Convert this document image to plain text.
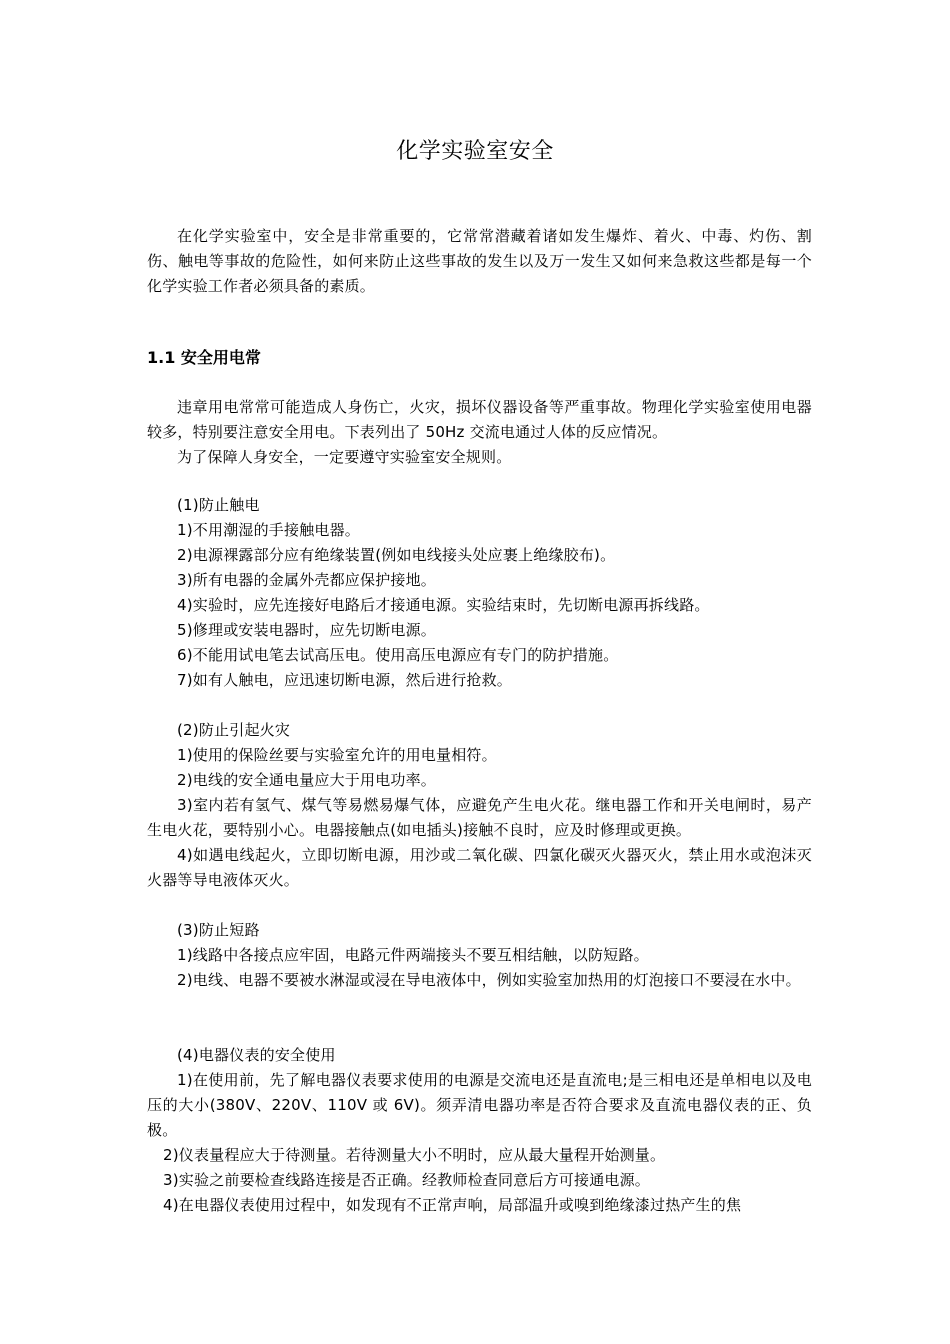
化学实验室安全

在化学实验室中，安全是非常重要的，它常常潜藏着诸如发生爆炸、着火、中毒、灼伤、割伤、触电等事故的危险性，如何来防止这些事故的发生以及万一发生又如何来急救这些都是每一个化学实验工作者必须具备的素质。

1.1 安全用电常

违章用电常常可能造成人身伤亡，火灾，损坏仪器设备等严重事故。物理化学实验室使用电器较多，特别要注意安全用电。下表列出了 50Hz 交流电通过人体的反应情况。

为了保障人身安全，一定要遵守实验室安全规则。

(1)防止触电

1)不用潮湿的手接触电器。

2)电源裸露部分应有绝缘装置(例如电线接头处应裹上绝缘胶布)。

3)所有电器的金属外壳都应保护接地。

4)实验时，应先连接好电路后才接通电源。实验结束时，先切断电源再拆线路。

5)修理或安装电器时，应先切断电源。

6)不能用试电笔去试高压电。使用高压电源应有专门的防护措施。

7)如有人触电，应迅速切断电源，然后进行抢救。

(2)防止引起火灾

1)使用的保险丝要与实验室允许的用电量相符。

2)电线的安全通电量应大于用电功率。

3)室内若有氢气、煤气等易燃易爆气体，应避免产生电火花。继电器工作和开关电闸时，易产生电火花，要特别小心。电器接触点(如电插头)接触不良时，应及时修理或更换。

4)如遇电线起火，立即切断电源，用沙或二氧化碳、四氯化碳灭火器灭火，禁止用水或泡沫灭火器等导电液体灭火。

(3)防止短路

1)线路中各接点应牢固，电路元件两端接头不要互相结触，以防短路。

2)电线、电器不要被水淋湿或浸在导电液体中，例如实验室加热用的灯泡接口不要浸在水中。

(4)电器仪表的安全使用

1)在使用前，先了解电器仪表要求使用的电源是交流电还是直流电;是三相电还是单相电以及电压的大小(380V、220V、110V 或 6V)。须弄清电器功率是否符合要求及直流电器仪表的正、负极。

2)仪表量程应大于待测量。若待测量大小不明时，应从最大量程开始测量。

3)实验之前要检查线路连接是否正确。经教师检查同意后方可接通电源。

4)在电器仪表使用过程中，如发现有不正常声响，局部温升或嗅到绝缘漆过热产生的焦
